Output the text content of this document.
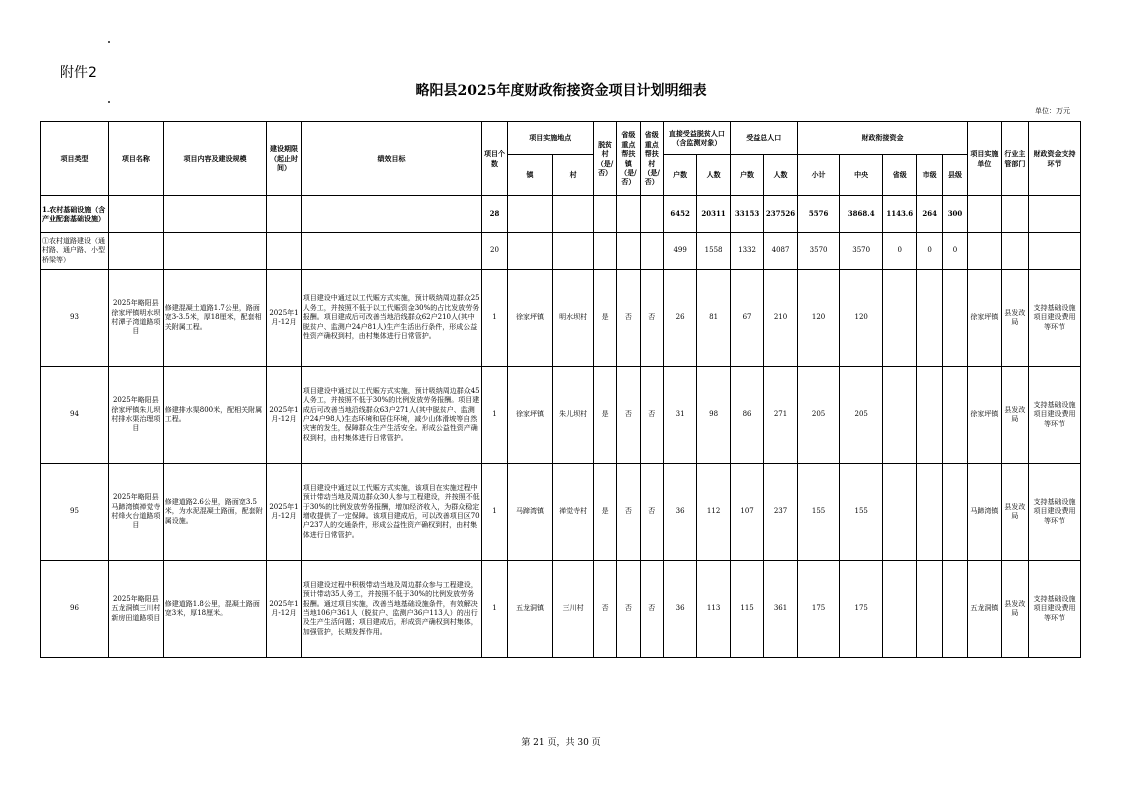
附件2
略阳县2025年度财政衔接资金项目计划明细表
单位：万元
项目类型	项目名称	项目内容及建设规模	建设期限（起止时间）	绩效目标	项目个数	项目实施地点		脱贫村（是/否）	省级重点帮扶镇（是/否）	省级重点帮扶村（是/否）	直接受益脱贫人口（含监测对象）		受益总人口		财政衔接资金					项目实施单位	行业主管部门	财政资金支持环节
						镇	村				户数	人数	户数	人数	小计	中央	省级	市级	县级			
1.农村基础设施（含产业配套基础设施）					28						6452	20311	33153	237526	5576	3868.4	1143.6	264	300			
①农村道路建设（通村路、通户路、小型桥梁等）					20						499	1558	1332	4087	3570	3570	0	0	0			
93	2025年略阳县徐家坪镇明水坝村潭子湾道路项目	修建混凝土道路1.7公里，路面宽3-3.5米，厚18厘米，配套相关附属工程。	2025年1月-12月	项目建设中通过以工代赈方式实施，预计吸纳周边群众25人务工，并按照不低于以工代赈资金30%的占比发放劳务报酬。项目建成后可改善当地沿线群众62户210人(其中脱贫户、监测户24户81人)生产生活出行条件，形成公益性资产确权到村，由村集体进行日常管护。	1	徐家坪镇	明水坝村	是	否	否	26	81	67	210	120	120				徐家坪镇	县发改局	支持基础设施项目建设费用等环节
94	2025年略阳县徐家坪镇朱儿坝村排水渠治理项目	修建排水渠800米，配相关附属工程。	2025年1月-12月	项目建设中通过以工代赈方式实施，预计吸纳周边群众45人务工，并按照不低于30%的比例发放劳务报酬。项目建成后可改善当地沿线群众63户271人(其中脱贫户、监测户24户98人)生态环境和居住环境，减少山体滑坡等自然灾害的发生，保障群众生产生活安全。形成公益性资产确权到村，由村集体进行日常管护。	1	徐家坪镇	朱儿坝村	是	否	否	31	98	86	271	205	205				徐家坪镇	县发改局	支持基础设施项目建设费用等环节
95	2025年略阳县马蹄湾镇禅觉寺村烽火台道路项目	修建道路2.6公里，路面宽3.5米，为水泥混凝土路面，配套附属设施。	2025年1月-12月	项目建设中通过以工代赈方式实施，该项目在实施过程中预计带动当地及周边群众30人参与工程建设，并按照不低于30%的比例发放劳务报酬，增加经济收入，为群众稳定增收提供了一定保障。该项目建成后，可以改善项目区70户237人的交通条件，形成公益性资产确权到村，由村集体进行日常管护。	1	马蹄湾镇	禅觉寺村	是	否	否	36	112	107	237	155	155				马蹄湾镇	县发改局	支持基础设施项目建设费用等环节
96	2025年略阳县五龙洞镇三川村新房田道路项目	修建道路1.8公里，混凝土路面宽3米，厚18厘米。	2025年1月-12月	项目建设过程中积极带动当地及周边群众参与工程建设，预计带动35人务工，并按照不低于30%的比例发放劳务报酬。通过项目实施，改善当地基础设施条件，有效解决当地106户361人（脱贫户、监测户36户113人）的出行及生产生活问题；项目建成后，形成资产确权到村集体，加强管护，长期发挥作用。	1	五龙洞镇	三川村	否	否	否	36	113	115	361	175	175				五龙洞镇	县发改局	支持基础设施项目建设费用等环节
第 21 页，共 30 页
